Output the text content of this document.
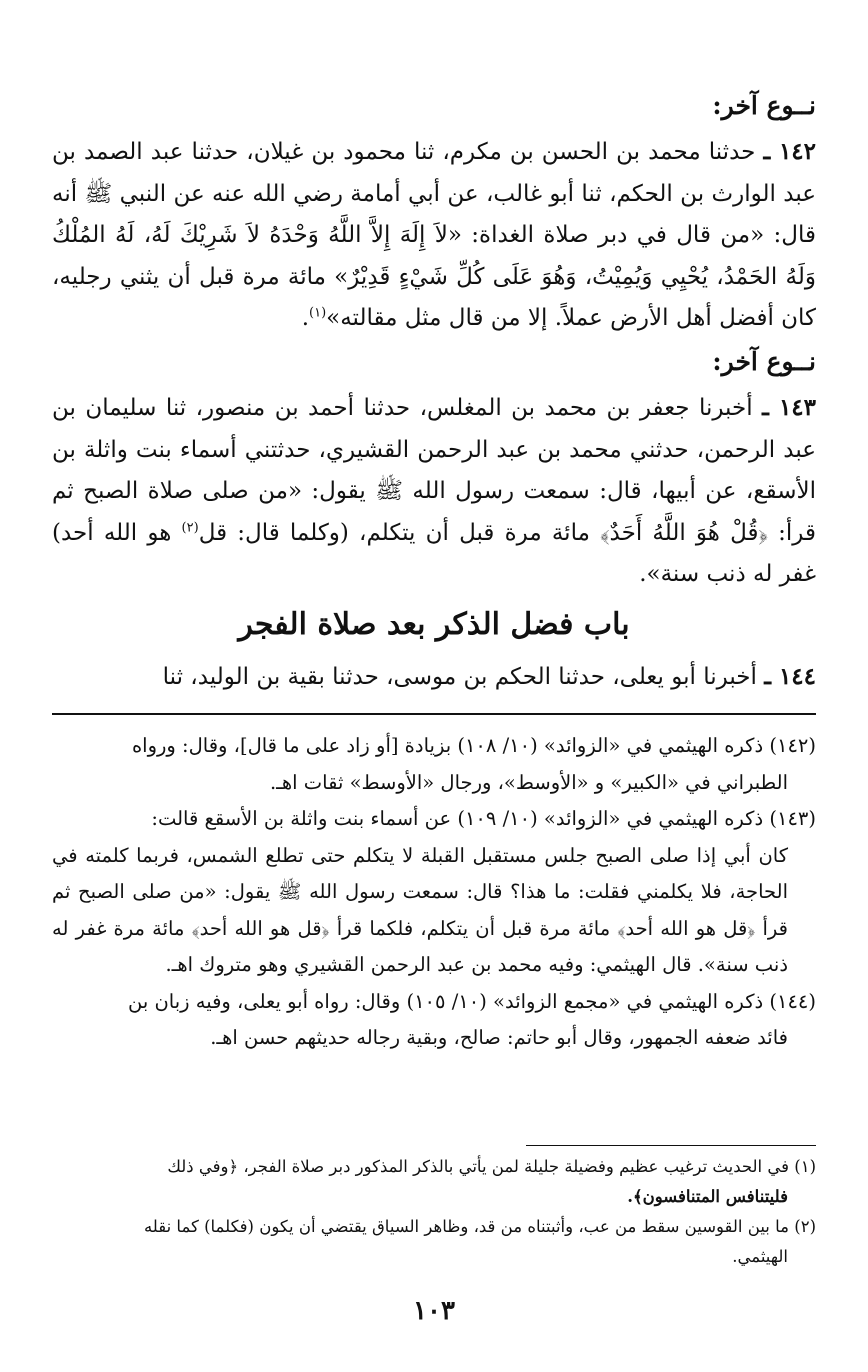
نــوع آخر:

١٤٢ ـ حدثنا محمد بن الحسن بن مكرم، ثنا محمود بن غيلان، حدثنا عبد الصمد بن عبد الوارث بن الحكم، ثنا أبو غالب، عن أبي أمامة رضي الله عنه عن النبي ﷺ أنه قال: «من قال في دبر صلاة الغداة: «لاَ إِلَهَ إِلاَّ اللَّهُ وَحْدَهُ لاَ شَرِيْكَ لَهُ، لَهُ المُلْكُ وَلَهُ الحَمْدُ، يُحْيِي وَيُمِيْتُ، وَهُوَ عَلَى كُلِّ شَيْءٍ قَدِيْرٌ» مائة مرة قبل أن يثني رجليه، كان أفضل أهل الأرض عملاً. إلا من قال مثل مقالته»$^{(١)}$.

نــوع آخر:

١٤٣ ـ أخبرنا جعفر بن محمد بن المغلس، حدثنا أحمد بن منصور، ثنا سليمان بن عبد الرحمن، حدثني محمد بن عبد الرحمن القشيري، حدثتني أسماء بنت واثلة بن الأسقع، عن أبيها، قال: سمعت رسول الله ﷺ يقول: «من صلى صلاة الصبح ثم قرأ: ﴿قُلْ هُوَ اللَّهُ أَحَدٌ﴾ مائة مرة قبل أن يتكلم، (وكلما قال: قل$^{(٢)}$ هو الله أحد) غفر له ذنب سنة».

باب فضل الذكر بعد صلاة الفجر

١٤٤ ـ أخبرنا أبو يعلى، حدثنا الحكم بن موسى، حدثنا بقية بن الوليد، ثنا

(١٤٢) ذكره الهيثمي في «الزوائد» (١٠/ ١٠٨) بزيادة [أو زاد على ما قال]، وقال: ورواه

الطبراني في «الكبير» و «الأوسط»، ورجال «الأوسط» ثقات اهـ.

(١٤٣) ذكره الهيثمي في «الزوائد» (١٠/ ١٠٩) عن أسماء بنت واثلة بن الأسقع قالت:

كان أبي إذا صلى الصبح جلس مستقبل القبلة لا يتكلم حتى تطلع الشمس، فربما كلمته في الحاجة، فلا يكلمني فقلت: ما هذا؟ قال: سمعت رسول الله ﷺ يقول: «من صلى الصبح ثم قرأ ﴿قل هو الله أحد﴾ مائة مرة قبل أن يتكلم، فلكما قرأ ﴿قل هو الله أحد﴾ مائة مرة غفر له ذنب سنة». قال الهيثمي: وفيه محمد بن عبد الرحمن القشيري وهو متروك اهـ.

(١٤٤) ذكره الهيثمي في «مجمع الزوائد» (١٠/ ١٠٥) وقال: رواه أبو يعلى، وفيه زبان بن

فائد ضعفه الجمهور، وقال أبو حاتم: صالح، وبقية رجاله حديثهم حسن اهـ.

(١) في الحديث ترغيب عظيم وفضيلة جليلة لمن يأتي بالذكر المذكور دبر صلاة الفجر، ﴿وفي ذلك

فليتنافس المتنافسون﴾.

(٢) ما بين القوسين سقط من عب، وأثبتناه من قد، وظاهر السياق يقتضي أن يكون (فكلما) كما نقله

الهيثمي.

١٠٣
